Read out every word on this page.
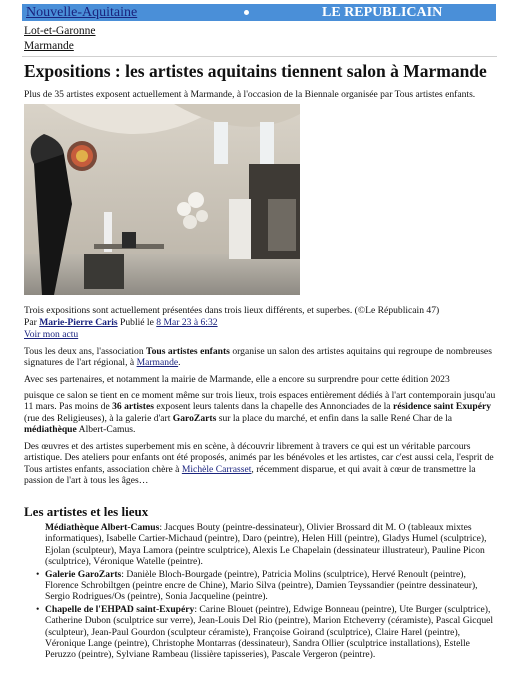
Nouvelle-Aquitaine	LE REPUBLICAIN
Lot-et-Garonne
Marmande
Expositions : les artistes aquitains tiennent salon à Marmande
Plus de 35 artistes exposent actuellement à Marmande, à l'occasion de la Biennale organisée par Tous artistes enfants.
Trois expositions sont actuellement présentées dans trois lieux différents, et superbes. (©Le Républicain 47)
Par Marie-Pierre Caris Publié le 8 Mar 23 à 6:32
Voir mon actu
Tous les deux ans, l'association Tous artistes enfants organise un salon des artistes aquitains qui regroupe de nombreuses signatures de l'art régional, à Marmande.
Avec ses partenaires, et notamment la mairie de Marmande, elle a encore su surprendre pour cette édition 2023
puisque ce salon se tient en ce moment même sur trois lieux, trois espaces entièrement dédiés à l'art contemporain jusqu'au 11 mars. Pas moins de 36 artistes exposent leurs talents dans la chapelle des Annonciades de la résidence saint Exupéry (rue des Religieuses), à la galerie d'art GaroZarts sur la place du marché, et enfin dans la salle René Char de la médiathèque Albert-Camus.
Des œuvres et des artistes superbement mis en scène, à découvrir librement à travers ce qui est un véritable parcours artistique. Des ateliers pour enfants ont été proposés, animés par les bénévoles et les artistes, car c'est aussi cela, l'esprit de Tous artistes enfants, association chère à Michèle Carrasset, récemment disparue, et qui avait à cœur de transmettre la passion de l'art à tous les âges…
Les artistes et les lieux
Médiathèque Albert-Camus: Jacques Bouty (peintre-dessinateur), Olivier Brossard dit M. O (tableaux mixtes informatiques), Isabelle Cartier-Michaud (peintre), Daro (peintre), Helen Hill (peintre), Gladys Humel (sculptrice), Ejolan (sculpteur), Maya Lamora (peintre sculptrice), Alexis Le Chapelain (dessinateur illustrateur), Pauline Picon (sculptrice), Véronique Watelle (peintre).
• Galerie GaroZarts: Danièle Bloch-Bourgade (peintre), Patricia Molins (sculptrice), Hervé Renoult (peintre), Florence Schrobiltgen (peintre encre de Chine), Mario Silva (peintre), Damien Teyssandier (peintre dessinateur), Sergio Rodrigues/Os (peintre), Sonia Jacqueline (peintre).
• Chapelle de l'EHPAD saint-Exupéry: Carine Blouet (peintre), Edwige Bonneau (peintre), Ute Burger (sculptrice), Catherine Dubon (sculptrice sur verre), Jean-Louis Del Rio (peintre), Marion Etcheverry (céramiste), Pascal Gicquel (sculpteur), Jean-Paul Gourdon (sculpteur céramiste), Françoise Goirand (sculptrice), Claire Harel (peintre), Véronique Lange (peintre), Christophe Montarras (dessinateur), Sandra Ollier (sculptrice installations), Estelle Peruzzo (peintre), Sylviane Rambeau (lissière tapisseries), Pascale Vergeron (peintre).
